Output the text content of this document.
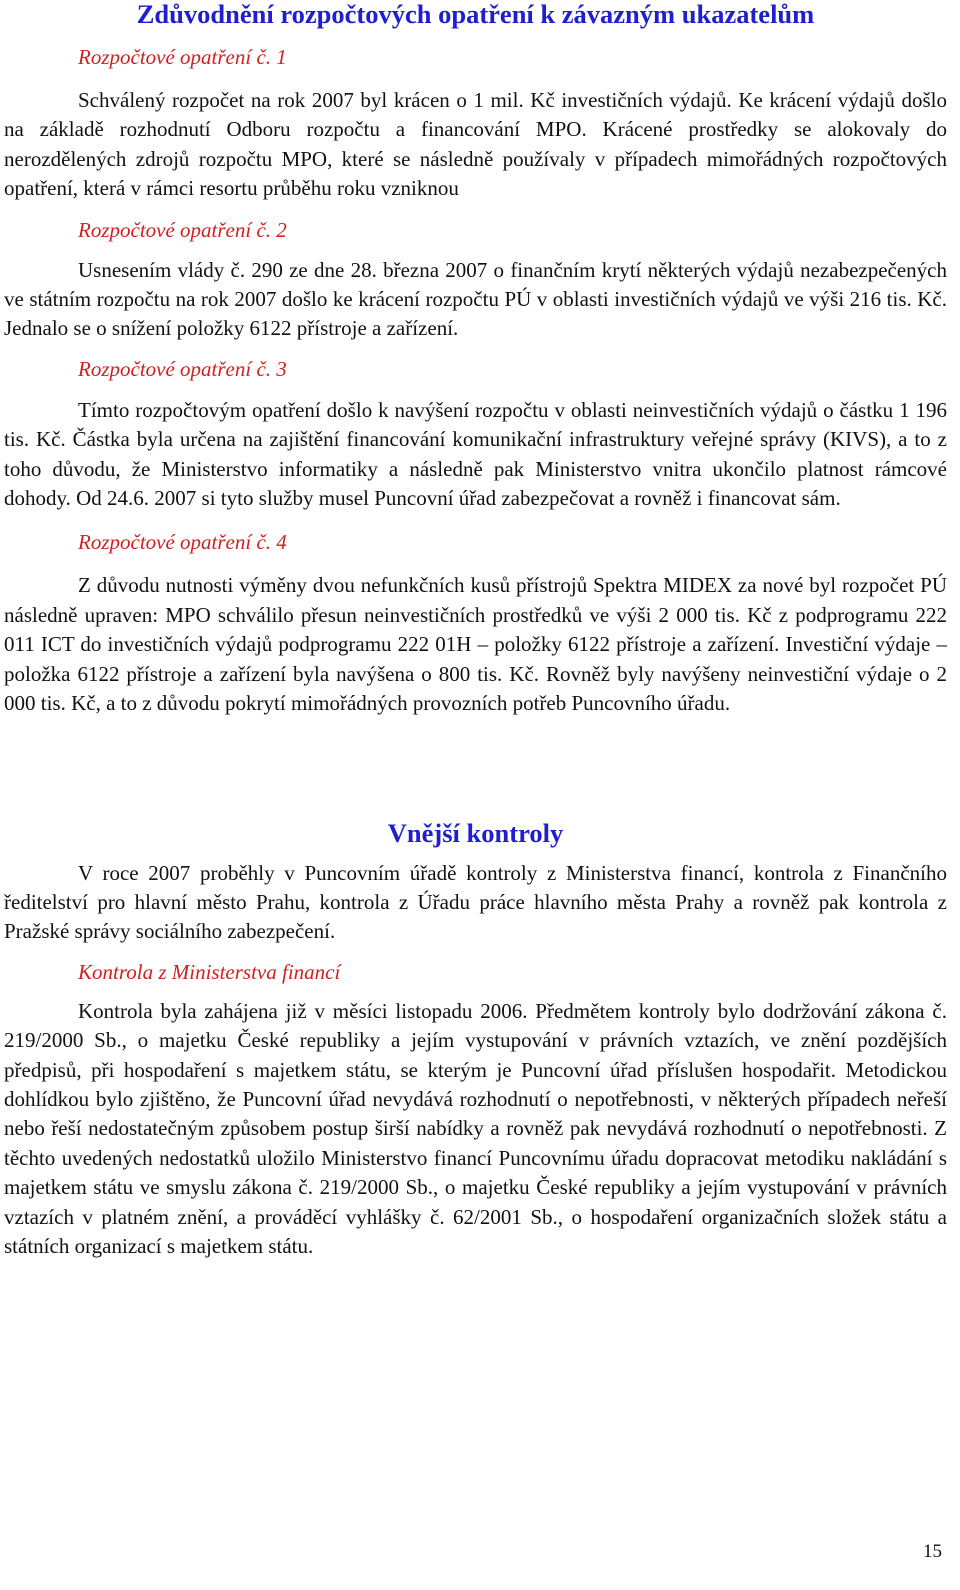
Zdůvodnění rozpočtových opatření k závazným ukazatelům

Rozpočtové opatření č. 1

Schválený rozpočet na rok 2007 byl krácen o 1 mil. Kč investičních výdajů. Ke krácení výdajů došlo na základě rozhodnutí Odboru rozpočtu a financování MPO. Krácené prostředky se alokovaly do nerozdělených zdrojů rozpočtu MPO, které se následně používaly v případech mimořádných rozpočtových opatření, která v rámci resortu průběhu roku vzniknou

Rozpočtové opatření č. 2

Usnesením vlády č. 290 ze dne 28. března 2007 o finančním krytí některých výdajů nezabezpečených ve státním rozpočtu na rok 2007 došlo ke krácení rozpočtu PÚ v oblasti investičních výdajů ve výši 216 tis. Kč. Jednalo se o snížení položky 6122 přístroje a zařízení.

Rozpočtové opatření č. 3

Tímto rozpočtovým opatření došlo k navýšení rozpočtu v oblasti neinvestičních výdajů o částku 1 196 tis. Kč. Částka byla určena na zajištění financování komunikační infrastruktury veřejné správy (KIVS), a to z toho důvodu, že Ministerstvo informatiky a následně pak Ministerstvo vnitra ukončilo platnost rámcové dohody. Od 24.6. 2007 si tyto služby musel Puncovní úřad zabezpečovat a rovněž i financovat sám.

Rozpočtové opatření č. 4

Z důvodu nutnosti výměny dvou nefunkčních kusů přístrojů Spektra MIDEX za nové byl rozpočet PÚ následně upraven: MPO schválilo přesun neinvestičních prostředků ve výši 2 000 tis. Kč z podprogramu 222 011 ICT do investičních výdajů podprogramu 222 01H – položky 6122 přístroje a zařízení. Investiční výdaje – položka 6122 přístroje a zařízení byla navýšena o 800 tis. Kč. Rovněž byly navýšeny neinvestiční výdaje o 2 000 tis. Kč, a to z důvodu pokrytí mimořádných provozních potřeb Puncovního úřadu.

Vnější kontroly

V roce 2007 proběhly v Puncovním úřadě kontroly z Ministerstva financí, kontrola z Finančního ředitelství pro hlavní město Prahu, kontrola z Úřadu práce hlavního města Prahy a rovněž pak kontrola z Pražské správy sociálního zabezpečení.

Kontrola z Ministerstva financí

Kontrola byla zahájena již v měsíci listopadu 2006. Předmětem kontroly bylo dodržování zákona č. 219/2000 Sb., o majetku České republiky a jejím vystupování v právních vztazích, ve znění pozdějších předpisů, při hospodaření s majetkem státu, se kterým je Puncovní úřad příslušen hospodařit. Metodickou dohlídkou bylo zjištěno, že Puncovní úřad nevydává rozhodnutí o nepotřebnosti, v některých případech neřeší nebo řeší nedostatečným způsobem postup širší nabídky a rovněž pak nevydává rozhodnutí o nepotřebnosti. Z těchto uvedených nedostatků uložilo Ministerstvo financí Puncovnímu úřadu dopracovat metodiku nakládání s majetkem státu ve smyslu zákona č. 219/2000 Sb., o majetku České republiky a jejím vystupování v právních vztazích v platném znění, a prováděcí vyhlášky č. 62/2001 Sb., o hospodaření organizačních složek státu a státních organizací s majetkem státu.

15
